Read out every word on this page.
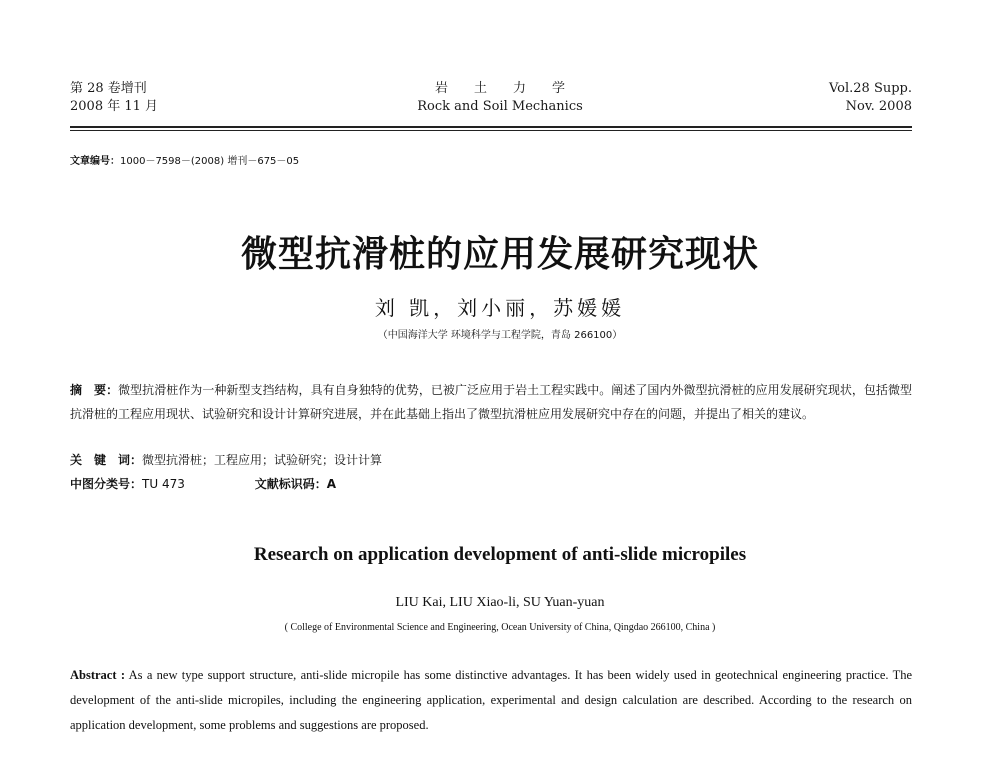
第 28 卷增刊
2008 年 11 月
岩土力学
Rock and Soil Mechanics
Vol.28 Supp.
Nov. 2008
文章编号：1000－7598－(2008) 增刊－675－05
微型抗滑桩的应用发展研究现状
刘 凯，刘小丽，苏媛媛
（中国海洋大学 环境科学与工程学院，青岛 266100）
摘　要：微型抗滑桩作为一种新型支挡结构，具有自身独特的优势，已被广泛应用于岩土工程实践中。阐述了国内外微型抗滑桩的应用发展研究现状，包括微型抗滑桩的工程应用现状、试验研究和设计计算研究进展，并在此基础上指出了微型抗滑桩应用发展研究中存在的问题，并提出了相关的建议。
关　键　词：微型抗滑桩；工程应用；试验研究；设计计算
中图分类号：TU 473	文献标识码：A
Research on application development of anti-slide micropiles
LIU Kai, LIU Xiao-li, SU Yuan-yuan
( College of Environmental Science and Engineering, Ocean University of China, Qingdao 266100, China )
Abstract : As a new type support structure, anti-slide micropile has some distinctive advantages. It has been widely used in geotechnical engineering practice. The development of the anti-slide micropiles, including the engineering application, experimental and design calculation are described. According to the research on application development, some problems and suggestions are proposed.
